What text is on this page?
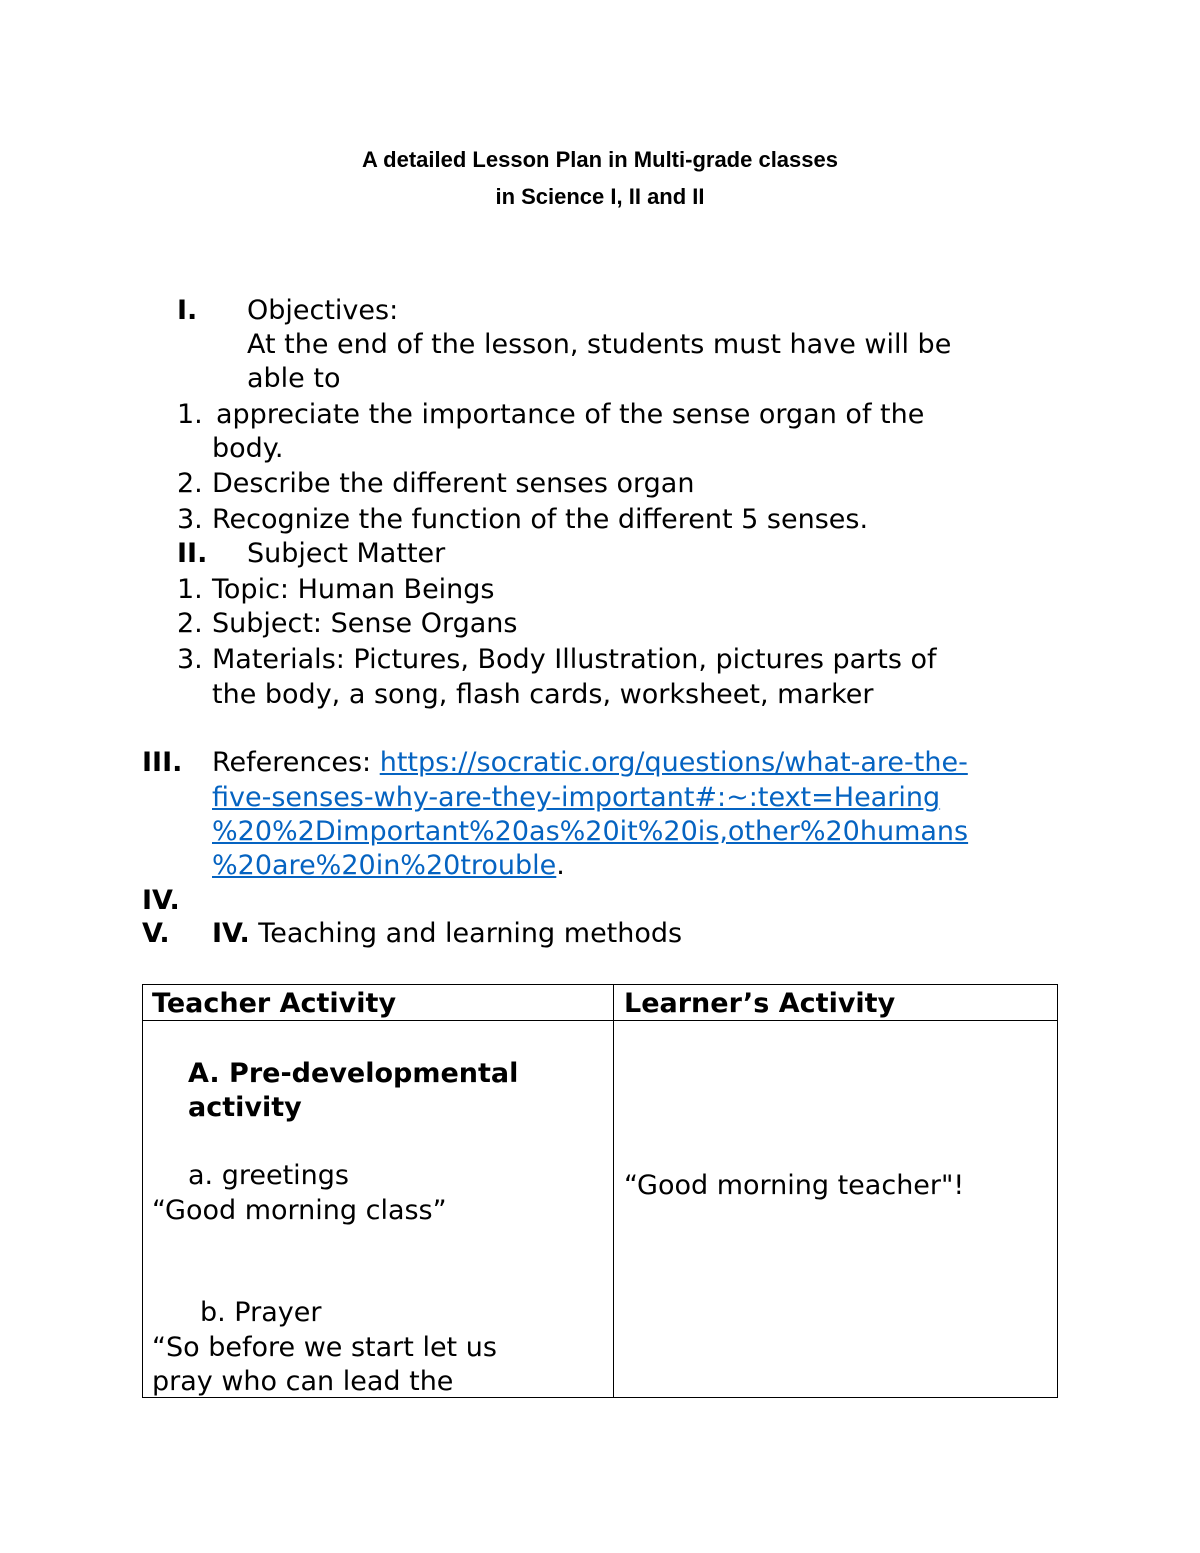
A detailed Lesson Plan in Multi-grade classes
in Science I, II and II
I. Objectives:
At the end of the lesson, students must have will be
able to
1. appreciate the importance of the sense organ of the
body.
2. Describe the different senses organ
3. Recognize the function of the different 5 senses.
II. Subject Matter
1. Topic: Human Beings
2. Subject: Sense Organs
3. Materials: Pictures, Body Illustration, pictures parts of
the body, a song, flash cards, worksheet, marker
III. References: https://socratic.org/questions/what-are-the-
five-senses-why-are-they-important#:~:text=Hearing
%20%2Dimportant%20as%20it%20is,other%20humans
%20are%20in%20trouble.
IV.
V. IV. Teaching and learning methods
Teacher Activity	Learner’s Activity
A. Pre-developmental
activity
a. greetings
“Good morning class”
b. Prayer
“So before we start let us
pray who can lead the
“Good morning teacher"!
